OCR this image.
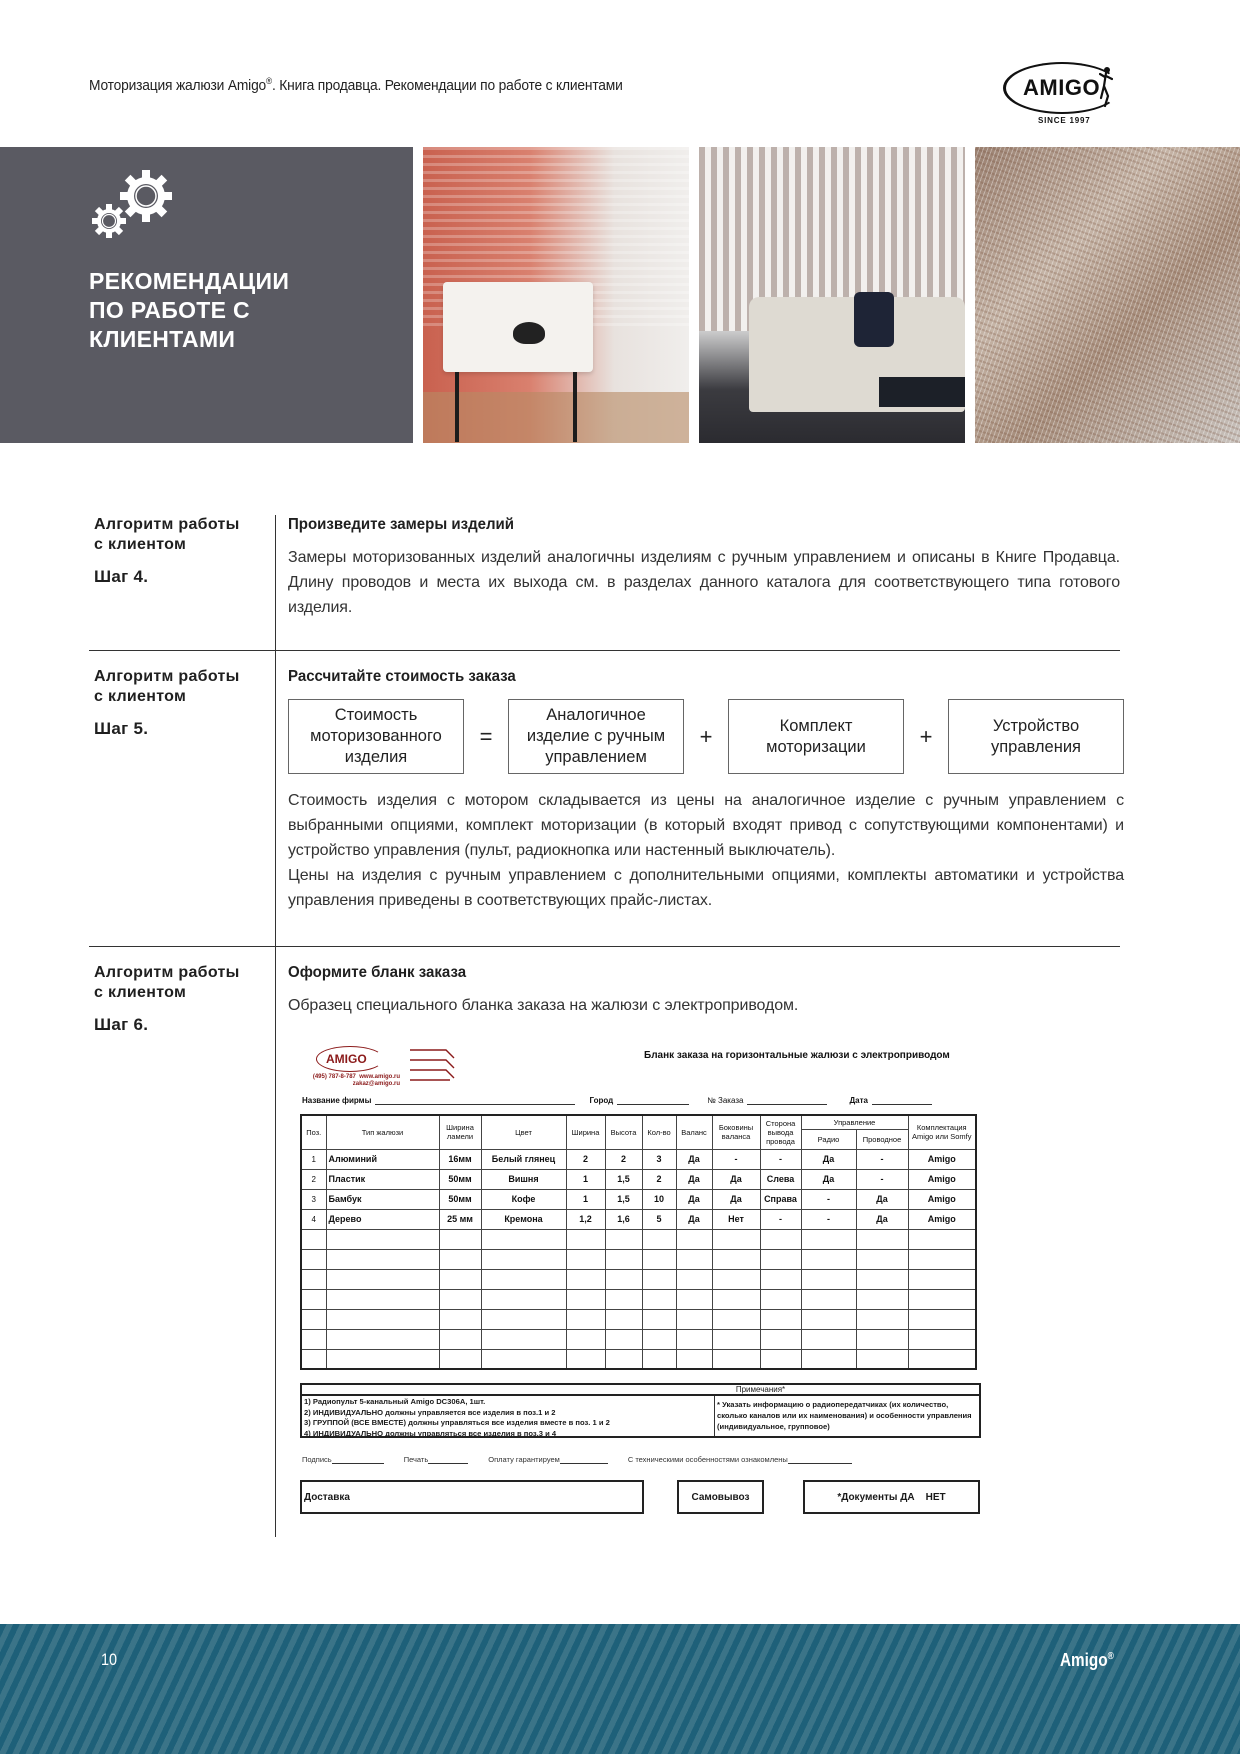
Моторизация жалюзи Amigo®. Книга продавца. Рекомендации по работе с клиентами	AMIGO
SINCE 1997
РЕКОМЕНДАЦИИ
ПО РАБОТЕ С
КЛИЕНТАМИ
Алгоритм работы
с клиентом
Шаг 4.
Произведите замеры изделий
Замеры моторизованных изделий аналогичны изделиям с ручным управлением и описаны в Книге Продавца. Длину проводов и места их выхода см. в разделах данного каталога для соответствующего типа готового изделия.
Алгоритм работы
с клиентом
Шаг 5.
Рассчитайте стоимость заказа
Стоимость моторизованного изделия
=
Аналогичное изделие с ручным управлением
+	Комплект моторизации	+	Устройство управления
Стоимость изделия с мотором складывается из цены на аналогичное изделие с ручным управлением с выбранными опциями, комплект моторизации (в который входят привод с сопутствующими компонентами) и устройство управления (пульт, радиокнопка или настенный выключатель).
Цены на изделия с ручным управлением с дополнительными опциями, комплекты автоматики и устройства управления приведены в соответствующих прайс-листах.
Алгоритм работы
с клиентом
Шаг 6.
Оформите бланк заказа
Образец специального бланка заказа на жалюзи с электроприводом.
AMIGO
(495) 787-8-787 www.amigo.ru
zakaz@amigo.ru
Бланк заказа на горизонтальные жалюзи с электроприводом
Название фирмы	Город	№ Заказа	Дата
Поз.	Тип жалюзи	Ширина ламели	Цвет	Ширина	Высота	Кол-во	Валанс	Боковины валанса	Сторона вывода провода	Управление		Комплектация Amigo или Somfy
										Радио	Проводное	
1	Алюминий	16мм	Белый глянец	2	2	3	Да	-	-	Да	-	Amigo
2	Пластик	50мм	Вишня	1	1,5	2	Да	Да	Слева	Да	-	Amigo
3	Бамбук	50мм	Кофе	1	1,5	10	Да	Да	Справа	-	Да	Amigo
4	Дерево	25 мм	Кремона	1,2	1,6	5	Да	Нет	-	-	Да	Amigo

Примечания*
1) Радиопульт 5-канальный Amigo DC306A, 1шт.
2) ИНДИВИДУАЛЬНО должны управляется все изделия в поз.1 и 2
3) ГРУППОЙ (ВСЕ ВМЕСТЕ) должны управляться все изделия вместе в поз. 1 и 2
4) ИНДИВИДУАЛЬНО должны управляться все изделия в поз.3 и 4
* Указать информацию о радиопередатчиках (их количество, сколько каналов или их наименования) и особенности управления (индивидуальное, групповое)
Подпись	Печать	Оплату гарантируем	С техническими особенностями ознакомлены
Доставка	Самовывоз	*Документы ДА    НЕТ
10	Amigo®
